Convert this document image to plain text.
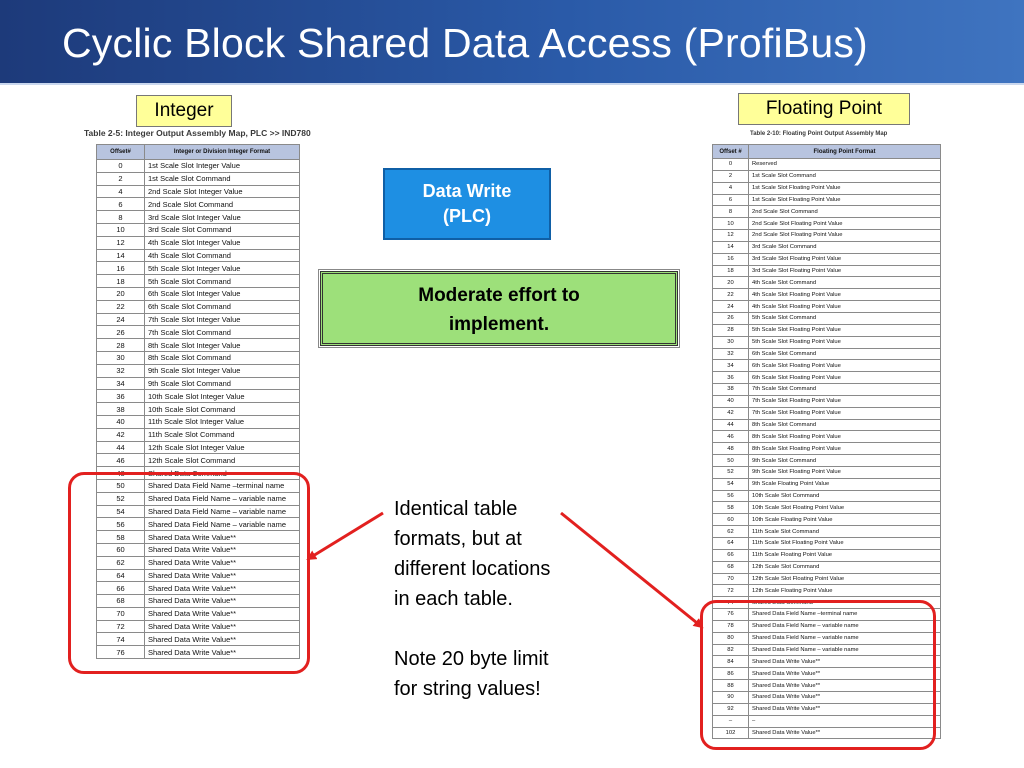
Cyclic Block Shared Data Access (ProfiBus)
Integer	Floating Point
Table 2-5: Integer Output Assembly Map, PLC >> IND780
Offset#	Integer or Division Integer Format
0	1st Scale Slot Integer Value
2	1st Scale Slot Command
4	2nd Scale Slot Integer Value
6	2nd Scale Slot Command
8	3rd Scale Slot Integer Value
10	3rd Scale Slot Command
12	4th Scale Slot Integer Value
14	4th Scale Slot Command
16	5th Scale Slot Integer Value
18	5th Scale Slot Command
20	6th Scale Slot Integer Value
22	6th Scale Slot Command
24	7th Scale Slot Integer Value
26	7th Scale Slot Command
28	8th Scale Slot Integer Value
30	8th Scale Slot Command
32	9th Scale Slot Integer Value
34	9th Scale Slot Command
36	10th Scale Slot Integer Value
38	10th Scale Slot Command
40	11th Scale Slot Integer Value
42	11th Scale Slot Command
44	12th Scale Slot Integer Value
46	12th Scale Slot Command
48	Shared Data Command
50	Shared Data Field Name –terminal name
52	Shared Data Field Name – variable name
54	Shared Data Field Name – variable name
56	Shared Data Field Name – variable name
58	Shared Data Write Value**
60	Shared Data Write Value**
62	Shared Data Write Value**
64	Shared Data Write Value**
66	Shared Data Write Value**
68	Shared Data Write Value**
70	Shared Data Write Value**
72	Shared Data Write Value**
74	Shared Data Write Value**
76	Shared Data Write Value**
Table 2-10: Floating Point Output Assembly Map
Offset #	Floating Point Format
0	Reserved
2	1st Scale Slot Command
4	1st Scale Slot Floating Point Value
6	1st Scale Slot Floating Point Value
8	2nd Scale Slot Command
10	2nd Scale Slot Floating Point Value
12	2nd Scale Slot Floating Point Value
14	3rd Scale Slot Command
16	3rd Scale Slot Floating Point Value
18	3rd Scale Slot Floating Point Value
20	4th Scale Slot Command
22	4th Scale Slot Floating Point Value
24	4th Scale Slot Floating Point Value
26	5th Scale Slot Command
28	5th Scale Slot Floating Point Value
30	5th Scale Slot Floating Point Value
32	6th Scale Slot Command
34	6th Scale Slot Floating Point Value
36	6th Scale Slot Floating Point Value
38	7th Scale Slot Command
40	7th Scale Slot Floating Point Value
42	7th Scale Slot Floating Point Value
44	8th Scale Slot Command
46	8th Scale Slot Floating Point Value
48	8th Scale Slot Floating Point Value
50	9th Scale Slot Command
52	9th Scale Slot Floating Point Value
54	9th Scale Floating Point Value
56	10th Scale Slot Command
58	10th Scale Slot Floating Point Value
60	10th Scale Floating Point Value
62	11th Scale Slot Command
64	11th Scale Slot Floating Point Value
66	11th Scale Floating Point Value
68	12th Scale Slot Command
70	12th Scale Slot Floating Point Value
72	12th Scale Floating Point Value
74	Shared Data Command
76	Shared Data Field Name –terminal name
78	Shared Data Field Name – variable name
80	Shared Data Field Name – variable name
82	Shared Data Field Name – variable name
84	Shared Data Write Value**
86	Shared Data Write Value**
88	Shared Data Write Value**
90	Shared Data Write Value**
92	Shared Data Write Value**
–	–
102	Shared Data Write Value**
Data Write
(PLC)
Moderate effort to
implement.
Identical table
formats, but at
different locations
in each table.
Note 20 byte limit
for string values!
